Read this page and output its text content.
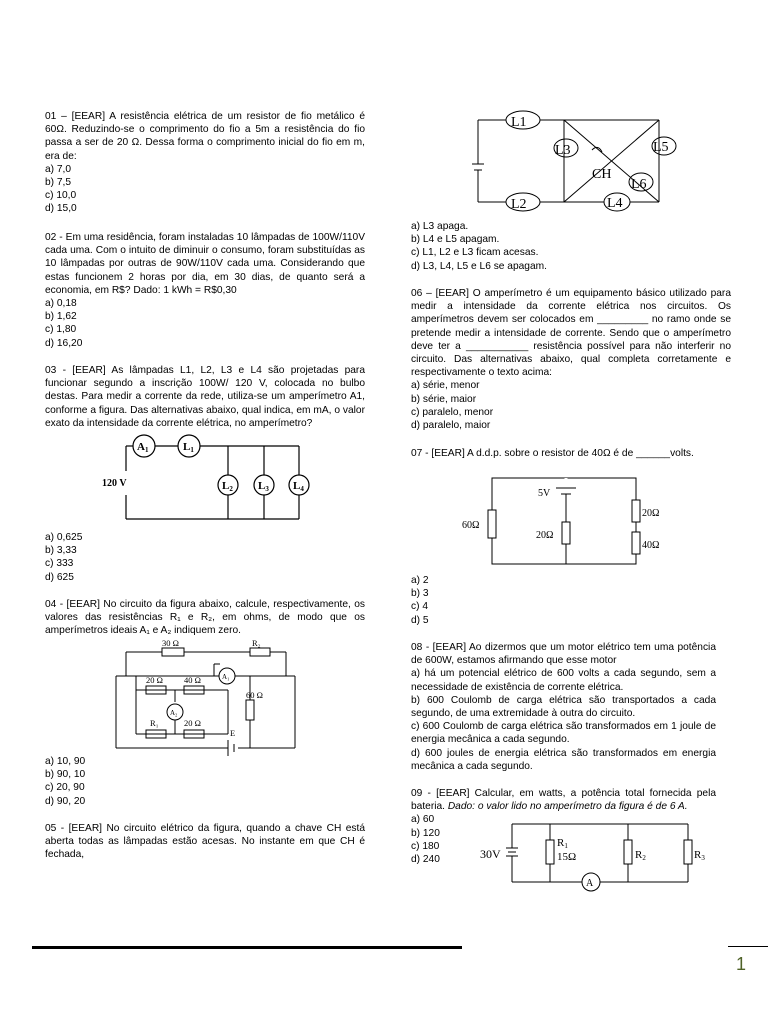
01 – [EEAR] A resistência elétrica de um resistor de fio metálico é 60Ω. Reduzindo-se o comprimento do fio a 5m a resistência do fio passa a ser de 20 Ω. Dessa forma o comprimento inicial do fio em m, era de:

a) 7,0
b) 7,5
c) 10,0
d) 15,0

02 - Em uma residência, foram instaladas 10 lâmpadas de 100W/110V cada uma. Com o intuito de diminuir o consumo, foram substituídas as 10 lâmpadas por outras de 90W/110V cada uma. Considerando que estas funcionem 2 horas por dia, em 30 dias, de quanto será a economia, em R$? Dado: 1 kWh = R$0,30

a) 0,18
b) 1,62
c) 1,80
d) 16,20

03 - [EEAR] As lâmpadas L1, L2, L3 e L4 são projetadas para funcionar segundo a inscrição 100W/ 120 V, colocada no bulbo destas. Para medir a corrente da rede, utiliza-se um amperímetro A1, conforme a figura. Das alternativas abaixo, qual indica, em mA, o valor exato da intensidade da corrente elétrica, no amperímetro?

a) 0,625
b) 3,33
c) 333
d) 625

04 - [EEAR] No circuito da figura abaixo, calcule, respectivamente, os valores das resistências R₁ e R₂, em ohms, de modo que os amperímetros ideais A₁ e A₂ indiquem zero.

a) 10, 90
b) 90, 10
c) 20, 90
d) 90, 20

05 - [EEAR] No circuito elétrico da figura, quando a chave CH está aberta todas as lâmpadas estão acesas. No instante em que CH é fechada,

A1	L1
L2 L3 L4
120 V
30 Ω	R₂
20 Ω 40 Ω	A₁
60 Ω
A₂
R₁	20 Ω
E
L1
L2
L3
L4
L5
L6
CH
a) L3 apaga.
b) L4 e L5 apagam.
c) L1, L2 e L3 ficam acesas.
d) L3, L4, L5 e L6 se apagam.

06 – [EEAR] O amperímetro é um equipamento básico utilizado para medir a intensidade da corrente elétrica nos circuitos. Os amperímetros devem ser colocados em _________ no ramo onde se pretende medir a intensidade de corrente. Sendo que o amperímetro deve ter a ___________ resistência possível para não interferir no circuito. Das alternativas abaixo, qual completa corretamente e respectivamente o texto acima:

a) série, menor
b) série, maior
c) paralelo, menor
d) paralelo, maior

07 - [EEAR] A d.d.p. sobre o resistor de 40Ω é de ______volts.

a) 2
b) 3
c) 4
d) 5

08 - [EEAR] Ao dizermos que um motor elétrico tem uma potência de 600W, estamos afirmando que esse motor

a) há um potencial elétrico de 600 volts a cada segundo, sem a necessidade de existência de corrente elétrica.
b) 600 Coulomb de carga elétrica são transportados a cada segundo, de uma extremidade à outra do circuito.
c) 600 Coulomb de carga elétrica são transformados em 1 joule de energia mecânica a cada segundo.
d) 600 joules de energia elétrica são transformados em energia mecânica a cada segundo.

09 - [EEAR] Calcular, em watts, a potência total fornecida pela bateria. Dado: o valor lido no amperímetro da figura é de 6 A.

a) 60
b) 120
c) 180
d) 240
5V
60Ω
20Ω
20Ω
40Ω
30V
R1
15Ω	R2	R3
A
1
